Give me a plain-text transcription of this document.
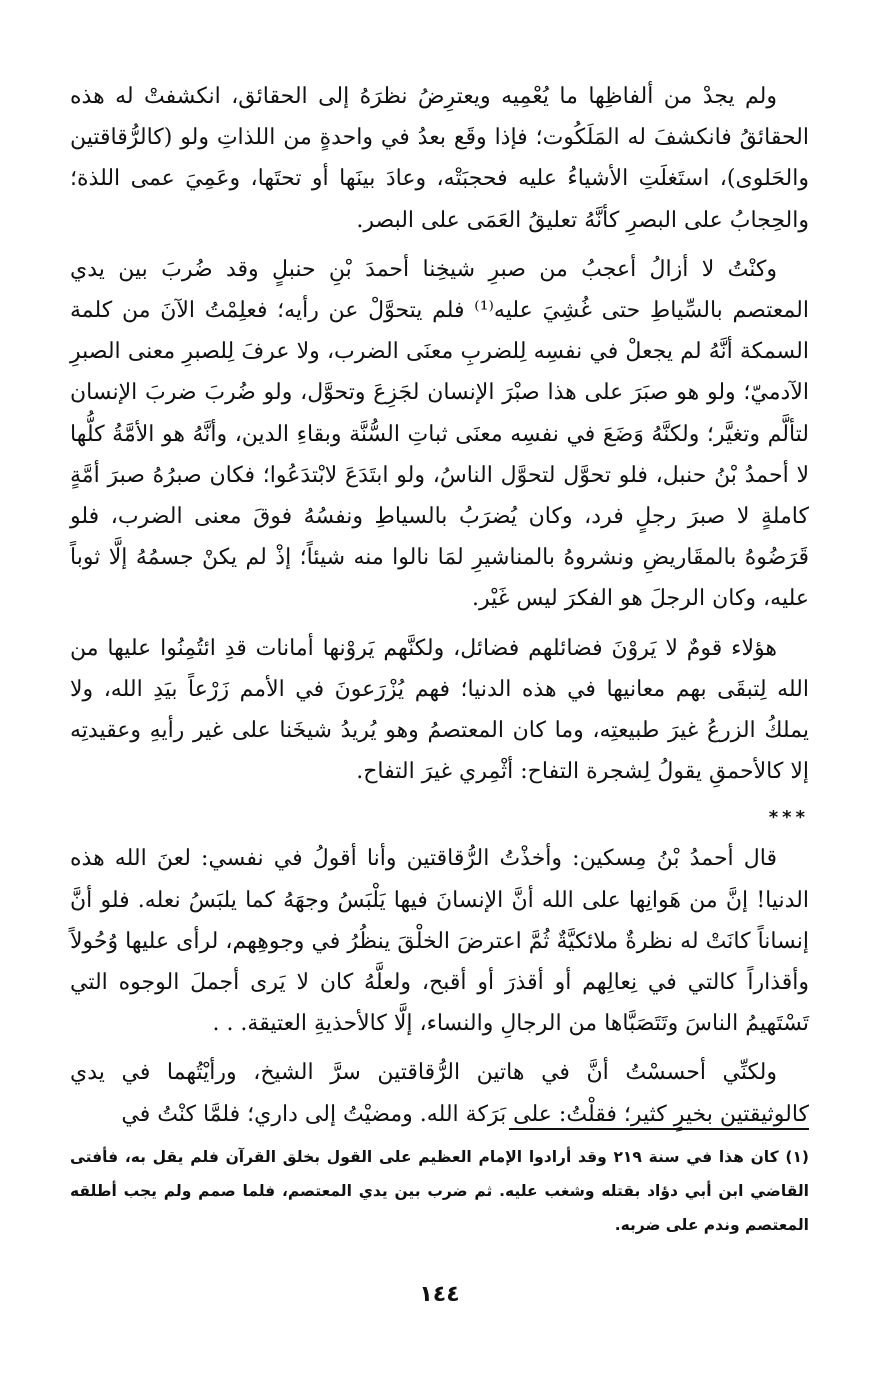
ولم يجدْ من ألفاظِها ما يُعْمِيه ويعترِضُ نظرَهُ إلى الحقائق، انكشفتْ له هذه الحقائقُ فانكشفَ له المَلَكُوت؛ فإذا وقَع بعدُ في واحدةٍ من اللذاتِ ولو (كالرُّقاقتين والحَلوى)، استَغلَتِ الأشياءُ عليه فحجبَتْه، وعادَ بينَها أو تحتَها، وعَمِيَ عمى اللذة؛ والحِجابُ على البصرِ كأنَّهُ تعليقُ العَمَى على البصر.

وكنْتُ لا أزالُ أعجبُ من صبرِ شيخِنا أحمدَ بْنِ حنبلٍ وقد ضُربَ بين يدي المعتصم بالسِّياطِ حتى غُشِيَ عليه⁽¹⁾ فلم يتحوَّلْ عن رأيه؛ فعلِمْتُ الآنَ من كلمة السمكة أنَّهُ لم يجعلْ في نفسِه لِلضربِ معنَى الضرب، ولا عرفَ لِلصبرِ معنى الصبرِ الآدميّ؛ ولو هو صبَرَ على هذا صبْرَ الإنسان لجَزِعَ وتحوَّل، ولو ضُربَ ضربَ الإنسان لتألَّم وتغيَّر؛ ولكنَّهُ وَضَعَ في نفسِه معنَى ثباتِ السُّنَّة وبقاءِ الدين، وأنَّهُ هو الأمَّةُ كلُّها لا أحمدُ بْنُ حنبل، فلو تحوَّل لتحوَّل الناسُ، ولو ابتَدَعَ لابْتدَعُوا؛ فكان صبرُهُ صبرَ أمَّةٍ كاملةٍ لا صبرَ رجلٍ فرد، وكان يُضرَبُ بالسياطِ ونفسُهُ فوقَ معنى الضرب، فلو قَرَضُوهُ بالمقَاريضِ ونشروهُ بالمناشيرِ لمَا نالوا منه شيئاً؛ إذْ لم يكنْ جسمُهُ إلَّا ثوباً عليه، وكان الرجلَ هو الفكرَ ليس غَيْر.

هؤلاء قومٌ لا يَروْنَ فضائلهم فضائل، ولكنَّهم يَروْنها أمانات قدِ ائتُمِنُوا عليها من الله لِتبقَى بهم معانيها في هذه الدنيا؛ فهم يُزْرَعونَ في الأمم زَرْعاً بيَدِ الله، ولا يملكُ الزرعُ غيرَ طبيعتِه، وما كان المعتصمُ وهو يُريدُ شيخَنا على غير رأيهِ وعقيدتِه إلا كالأحمقِ يقولُ لِشجرة التفاح: أثْمِري غيرَ التفاح.

***

قال أحمدُ بْنُ مِسكين: وأخذْتُ الرُّقاقتين وأنا أقولُ في نفسي: لعنَ الله هذه الدنيا! إنَّ من هَوانِها على الله أنَّ الإنسانَ فيها يَلْبَسُ وجهَهُ كما يلبَسُ نعله. فلو أنَّ إنساناً كانَتْ له نظرةٌ ملائكيَّةٌ ثُمَّ اعترضَ الخلْقَ ينظُرُ في وجوهِهم، لرأى عليها وُحُولاً وأقذاراً كالتي في نِعالِهم أو أقذرَ أو أقبح، ولعلَّهُ كان لا يَرى أجملَ الوجوه التي تَسْتَهيمُ الناسَ وتَتَصَبَّاها من الرجالِ والنساء، إلَّا كالأحذيةِ العتيقة. . .

ولكنِّي أحسسْتُ أنَّ في هاتين الرُّقاقتين سرَّ الشيخ، ورأيْتُهما في يدي كالوثيقتين بخيرٍ كثير؛ فقلْتُ: على بَرَكة الله. ومضيْتُ إلى داري؛ فلمَّا كنْتُ في

(١) كان هذا في سنة ٢١٩ وقد أرادوا الإمام العظيم على القول بخلق القرآن فلم يقل به، فأفتى القاضي ابن أبي دؤاد بقتله وشغب عليه. ثم ضرب بين يدي المعتصم، فلما صمم ولم يجب أطلقه المعتصم وندم على ضربه.

١٤٤
